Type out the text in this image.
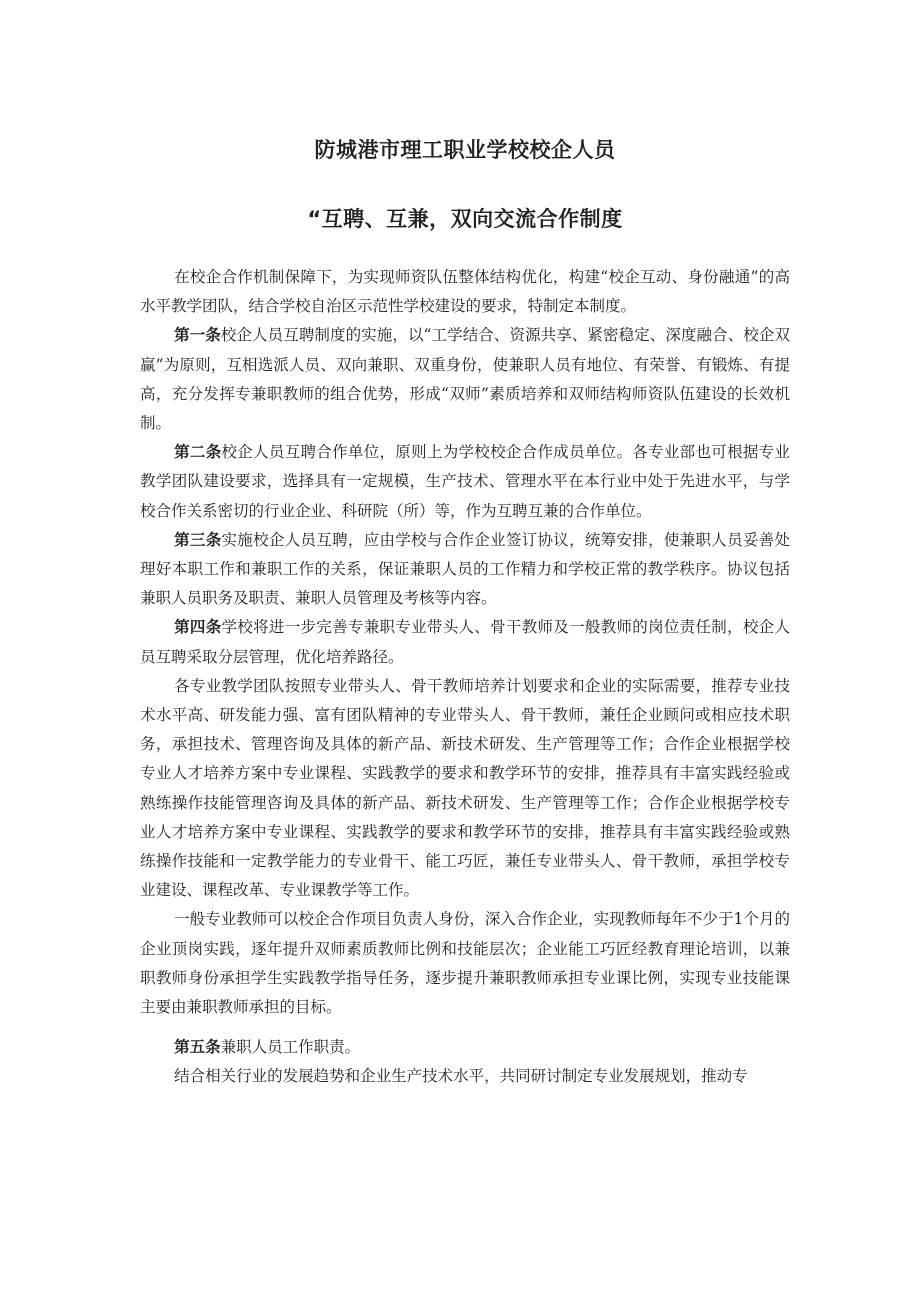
防城港市理工职业学校校企人员
“互聘、互兼，双向交流合作制度

在校企合作机制保障下，为实现师资队伍整体结构优化，构建“校企互动、身份融通”的高水平教学团队，结合学校自治区示范性学校建设的要求，特制定本制度。

第一条校企人员互聘制度的实施，以“工学结合、资源共享、紧密稳定、深度融合、校企双赢”为原则，互相选派人员、双向兼职、双重身份，使兼职人员有地位、有荣誉、有锻炼、有提高，充分发挥专兼职教师的组合优势，形成“双师”素质培养和双师结构师资队伍建设的长效机制。

第二条校企人员互聘合作单位，原则上为学校校企合作成员单位。各专业部也可根据专业教学团队建设要求，选择具有一定规模，生产技术、管理水平在本行业中处于先进水平，与学校合作关系密切的行业企业、科研院（所）等，作为互聘互兼的合作单位。

第三条实施校企人员互聘，应由学校与合作企业签订协议，统筹安排，使兼职人员妥善处理好本职工作和兼职工作的关系，保证兼职人员的工作精力和学校正常的教学秩序。协议包括兼职人员职务及职责、兼职人员管理及考核等内容。

第四条学校将进一步完善专兼职专业带头人、骨干教师及一般教师的岗位责任制，校企人员互聘采取分层管理，优化培养路径。

各专业教学团队按照专业带头人、骨干教师培养计划要求和企业的实际需要，推荐专业技术水平高、研发能力强、富有团队精神的专业带头人、骨干教师，兼任企业顾问或相应技术职务，承担技术、管理咨询及具体的新产品、新技术研发、生产管理等工作；合作企业根据学校专业人才培养方案中专业课程、实践教学的要求和教学环节的安排，推荐具有丰富实践经验或熟练操作技能管理咨询及具体的新产品、新技术研发、生产管理等工作；合作企业根据学校专业人才培养方案中专业课程、实践教学的要求和教学环节的安排，推荐具有丰富实践经验或熟练操作技能和一定教学能力的专业骨干、能工巧匠，兼任专业带头人、骨干教师，承担学校专业建设、课程改革、专业课教学等工作。

一般专业教师可以校企合作项目负责人身份，深入合作企业，实现教师每年不少于1个月的企业顶岗实践，逐年提升双师素质教师比例和技能层次；企业能工巧匠经教育理论培训，以兼职教师身份承担学生实践教学指导任务，逐步提升兼职教师承担专业课比例，实现专业技能课主要由兼职教师承担的目标。

第五条兼职人员工作职责。

结合相关行业的发展趋势和企业生产技术水平，共同研讨制定专业发展规划，推动专
